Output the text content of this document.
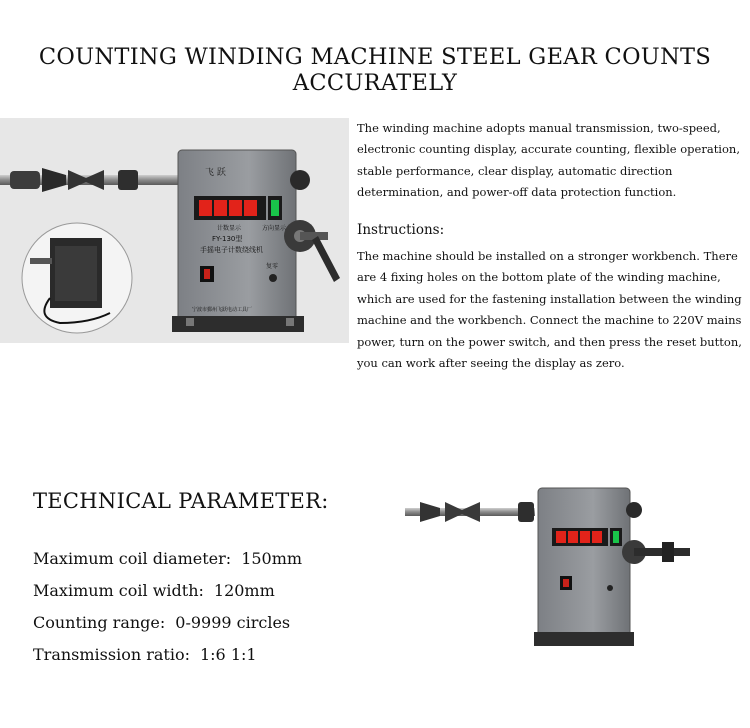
COUNTING WINDING MACHINE STEEL GEAR COUNTS ACCURATELY
飞 跃
计数显示	方向显示
FY-130型
手摇电子计数绕线机
复零
宁波市鄞州飞跃电动工具厂

The winding machine adopts manual transmission, two-speed, electronic counting display, accurate counting, flexible operation, stable performance, clear display, automatic direction determination, and power-off data protection function.

Instructions:

The machine should be installed on a stronger workbench. There are 4 fixing holes on the bottom plate of the winding machine, which are used for the fastening installation between the winding machine and the workbench. Connect the machine to 220V mains power, turn on the power switch, and then press the reset button, you can work after seeing the display as zero.

TECHNICAL PARAMETER:
Maximum coil diameter: 150mm
Maximum coil width: 120mm
Counting range: 0-9999 circles
Transmission ratio: 1:6 1:1
